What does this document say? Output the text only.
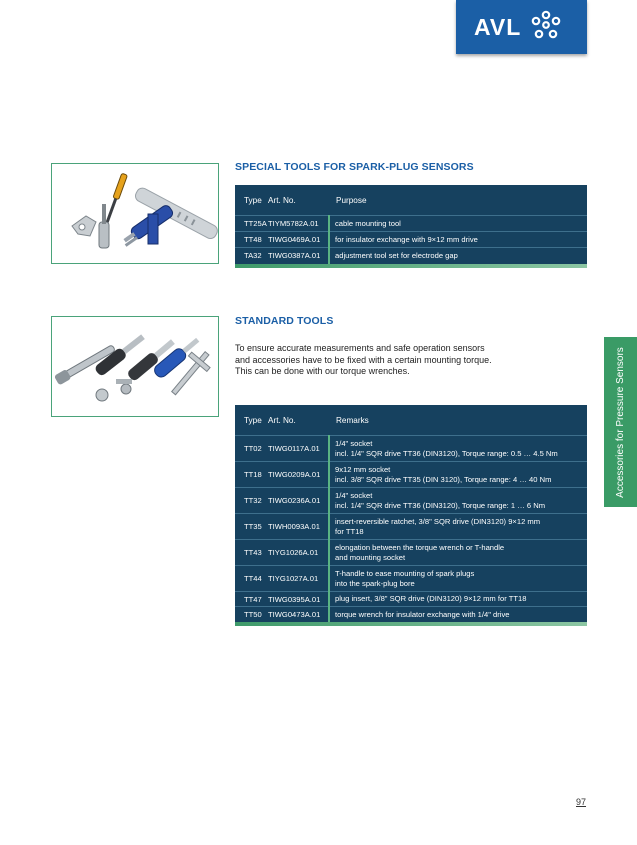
AVL
Accessories for Pressure Sensors
SPECIAL TOOLS FOR SPARK-PLUG SENSORS
Type	Art. No.	Purpose
TT25A	TIYM5782A.01	cable mounting tool
TT48	TIWG0469A.01	for insulator exchange with 9×12 mm drive
TA32	TIWG0387A.01	adjustment tool set for electrode gap

STANDARD TOOLS

To ensure accurate measurements and safe operation sensors
and accessories have to be fixed with a certain mounting torque.
This can be done with our torque wrenches.

Type	Art. No.	Remarks
TT02	TIWG0117A.01	1/4" socket
incl. 1/4" SQR drive TT36 (DIN3120), Torque range: 0.5 … 4.5 Nm
TT18	TIWG0209A.01	9x12 mm socket
incl. 3/8" SQR drive TT35 (DIN 3120), Torque range: 4 … 40 Nm
TT32	TIWG0236A.01	1/4" socket
incl. 1/4" SQR drive TT36 (DIN3120), Torque range: 1 … 6 Nm
TT35	TIWH0093A.01	insert-reversible ratchet, 3/8" SQR drive (DIN3120) 9×12 mm
for TT18
TT43	TIYG1026A.01	elongation between the torque wrench or T-handle
and mounting socket
TT44	TIYG1027A.01	T-handle to ease mounting of spark plugs
into the spark-plug bore
TT47	TIWG0395A.01	plug insert, 3/8" SQR drive (DIN3120) 9×12 mm for TT18
TT50	TIWG0473A.01	torque wrench for insulator exchange with 1/4" drive

97
